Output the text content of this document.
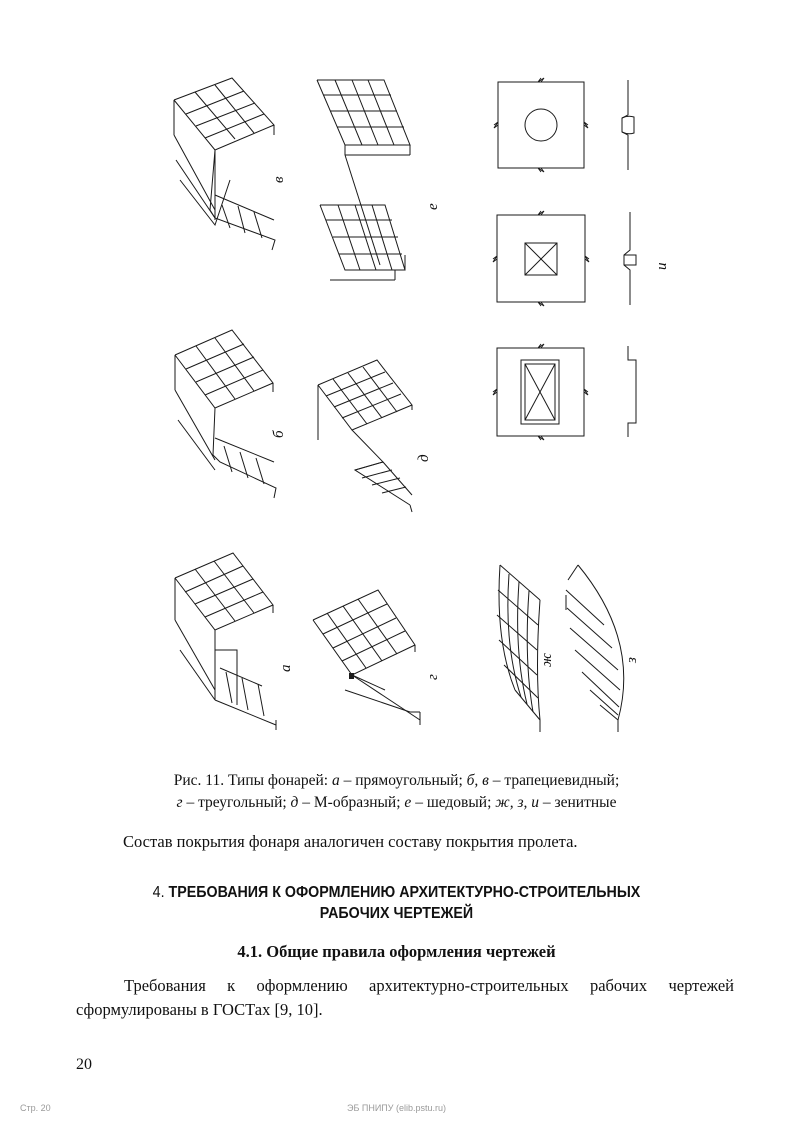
в
е
и
б
д
а
г
ж	з
Рис. 11. Типы фонарей: а – прямоугольный; б, в – трапециевидный;
г – треугольный; д – М-образный; е – шедовый; ж, з, и – зенитные
Состав покрытия фонаря аналогичен составу покрытия пролета.
4. ТРЕБОВАНИЯ К ОФОРМЛЕНИЮ АРХИТЕКТУРНО-СТРОИТЕЛЬНЫХ
РАБОЧИХ ЧЕРТЕЖЕЙ
4.1. Общие правила оформления чертежей
Требования к оформлению архитектурно-строительных рабочих чертежей сформулированы в ГОСТах [9, 10].
20
Стр. 20	ЭБ ПНИПУ (elib.pstu.ru)
